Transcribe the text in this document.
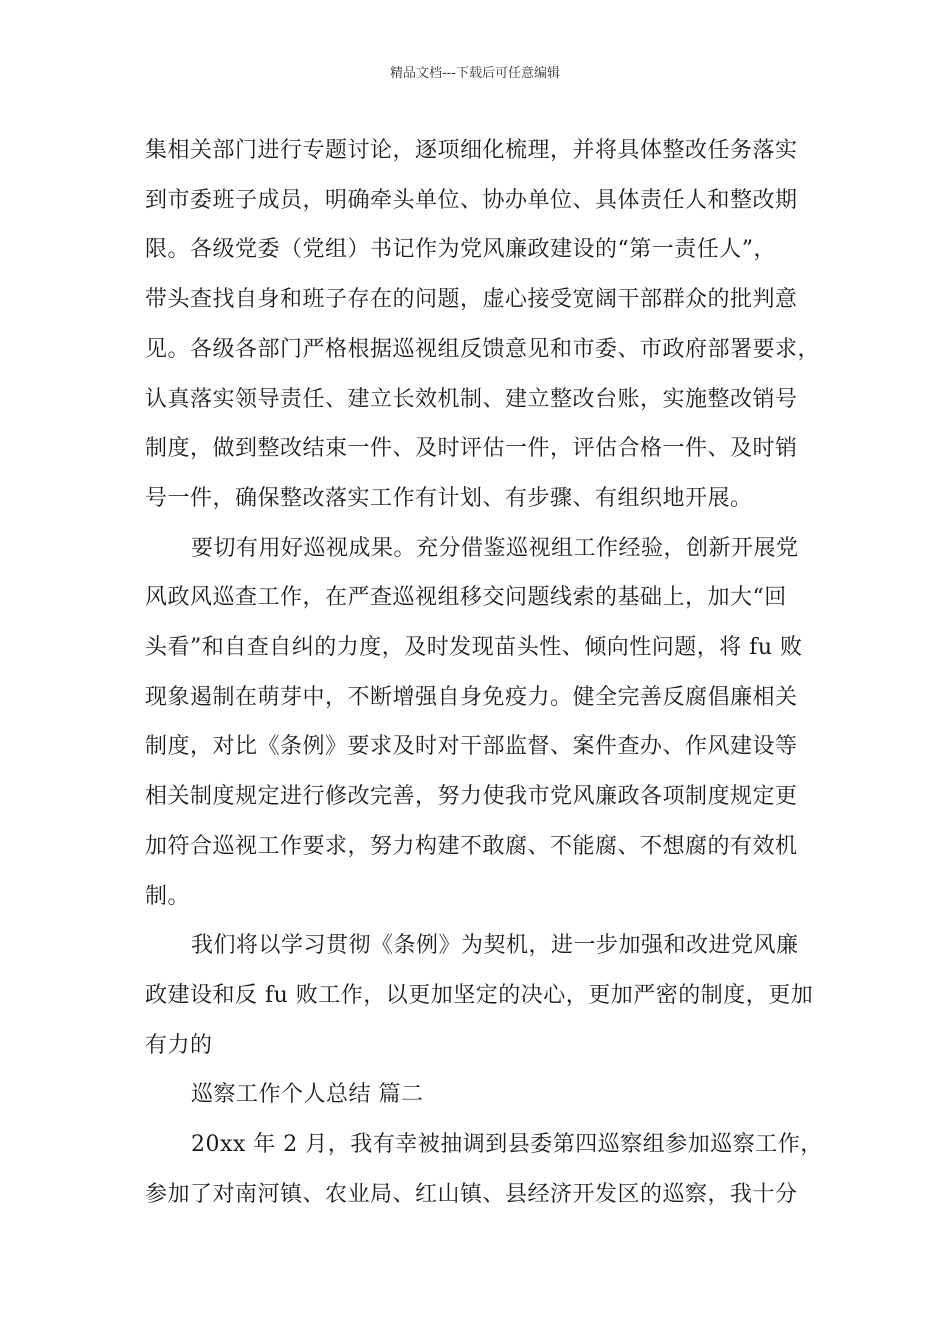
精品文档---下载后可任意编辑
集相关部门进行专题讨论，逐项细化梳理，并将具体整改任务落实
到市委班子成员，明确牵头单位、协办单位、具体责任人和整改期
限。各级党委（党组）书记作为党风廉政建设的“第一责任人”，
带头查找自身和班子存在的问题，虚心接受宽阔干部群众的批判意
见。各级各部门严格根据巡视组反馈意见和市委、市政府部署要求，
认真落实领导责任、建立长效机制、建立整改台账，实施整改销号
制度，做到整改结束一件、及时评估一件，评估合格一件、及时销
号一件，确保整改落实工作有计划、有步骤、有组织地开展。
要切有用好巡视成果。充分借鉴巡视组工作经验，创新开展党
风政风巡查工作，在严查巡视组移交问题线索的基础上，加大“回
头看”和自查自纠的力度，及时发现苗头性、倾向性问题，将 fu 败
现象遏制在萌芽中，不断增强自身免疫力。健全完善反腐倡廉相关
制度，对比《条例》要求及时对干部监督、案件查办、作风建设等
相关制度规定进行修改完善，努力使我市党风廉政各项制度规定更
加符合巡视工作要求，努力构建不敢腐、不能腐、不想腐的有效机
制。
我们将以学习贯彻《条例》为契机，进一步加强和改进党风廉
政建设和反 fu 败工作，以更加坚定的决心，更加严密的制度，更加
有力的
巡察工作个人总结 篇二
20xx 年 2 月，我有幸被抽调到县委第四巡察组参加巡察工作，
参加了对南河镇、农业局、红山镇、县经济开发区的巡察，我十分
